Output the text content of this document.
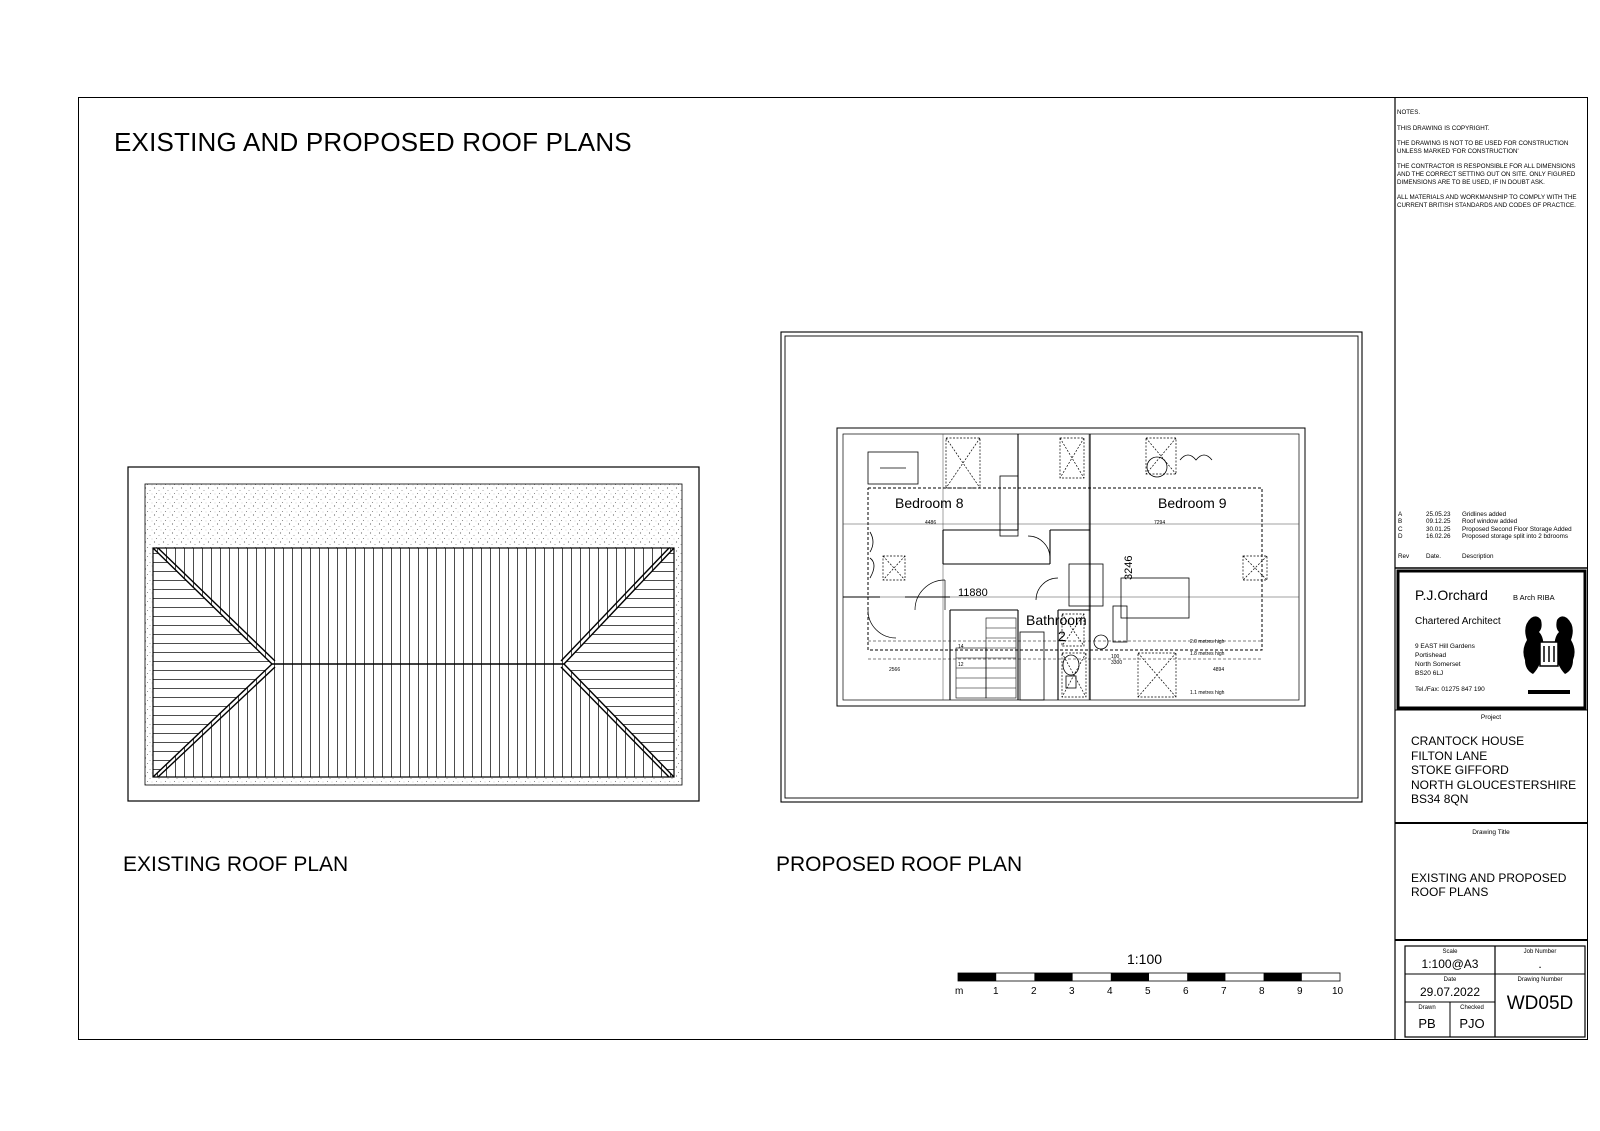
EXISTING AND PROPOSED ROOF PLANS

NOTES.

THIS DRAWING IS COPYRIGHT.

THE DRAWING IS NOT TO BE USED FOR CONSTRUCTION UNLESS MARKED 'FOR CONSTRUCTION'

THE CONTRACTOR IS RESPONSIBLE FOR ALL DIMENSIONS AND THE CORRECT SETTING OUT ON SITE. ONLY FIGURED DIMENSIONS ARE TO BE USED, IF IN DOUBT ASK.

ALL MATERIALS AND WORKMANSHIP TO COMPLY WITH THE CURRENT BRITISH STANDARDS AND CODES OF PRACTICE.

A	25.05.23	Gridlines added
B	09.12.25	Roof window added
C	30.01.25	Proposed Second Floor Storage Added
D	16.02.26	Proposed storage split into 2 bdrooms
Rev	Date.	Description
Bedroom 8	Bedroom 9
Bathroom
2
11880
4486	7294
2566	4894
3246
3300
14
12
100
2.0 metres high
1.8 metres high
1.1 metres high
1:100
m	1	2	3	4	5	6	7	8	9	10
P.J.Orchard	B Arch RIBA
Chartered Architect
9 EAST Hill Gardens
Portishead
North Somerset
BS20 6LJ
Tel./Fax: 01275 847 190
Project
CRANTOCK HOUSE
FILTON LANE
STOKE GIFFORD
NORTH GLOUCESTERSHIRE
BS34 8QN
Drawing Title
EXISTING AND PROPOSED
ROOF PLANS
Scale
1:100@A3
Job Number
.
Date
29.07.2022
Drawing Number
WD05D
Drawn
PB
Checked
PJO
EXISTING ROOF PLAN	PROPOSED ROOF PLAN
